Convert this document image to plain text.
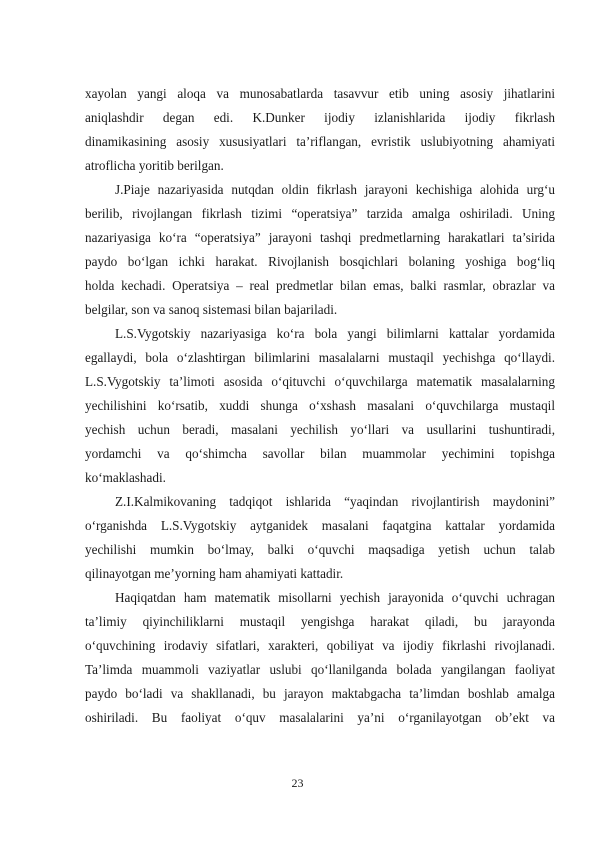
xayolan yangi aloqa va munosabatlarda tasavvur etib uning asosiy jihatlarini
aniqlashdir degan edi. K.Dunker ijodiy izlanishlarida ijodiy fikrlash
dinamikasining asosiy xususiyatlari ta’riflangan, evristik uslubiyotning ahamiyati
atroflicha yoritib berilgan.
J.Piaje nazariyasida nutqdan oldin fikrlash jarayoni kechishiga alohida urg‘u
berilib, rivojlangan fikrlash tizimi “operatsiya” tarzida amalga oshiriladi. Uning
nazariyasiga ko‘ra “operatsiya” jarayoni tashqi predmetlarning harakatlari ta’sirida
paydo bo‘lgan ichki harakat. Rivojlanish bosqichlari bolaning yoshiga bog‘liq
holda kechadi. Operatsiya – real predmetlar bilan emas, balki rasmlar, obrazlar va
belgilar, son va sanoq sistemasi bilan bajariladi.
L.S.Vygotskiy nazariyasiga ko‘ra bola yangi bilimlarni kattalar yordamida
egallaydi, bola o‘zlashtirgan bilimlarini masalalarni mustaqil yechishga qo‘llaydi.
L.S.Vygotskiy ta’limoti asosida o‘qituvchi o‘quvchilarga matematik masalalarning
yechilishini ko‘rsatib, xuddi shunga o‘xshash masalani o‘quvchilarga mustaqil
yechish uchun beradi, masalani yechilish yo‘llari va usullarini tushuntiradi,
yordamchi va qo‘shimcha savollar bilan muammolar yechimini topishga
ko‘maklashadi.
Z.I.Kalmikovaning tadqiqot ishlarida “yaqindan rivojlantirish maydonini”
o‘rganishda L.S.Vygotskiy aytganidek masalani faqatgina kattalar yordamida
yechilishi mumkin bo‘lmay, balki o‘quvchi maqsadiga yetish uchun talab
qilinayotgan me’yorning ham ahamiyati kattadir.
Haqiqatdan ham matematik misollarni yechish jarayonida o‘quvchi uchragan
ta’limiy qiyinchiliklarni mustaqil yengishga harakat qiladi, bu jarayonda
o‘quvchining irodaviy sifatlari, xarakteri, qobiliyat va ijodiy fikrlashi rivojlanadi.
Ta’limda muammoli vaziyatlar uslubi qo‘llanilganda bolada yangilangan faoliyat
paydo bo‘ladi va shakllanadi, bu jarayon maktabgacha ta’limdan boshlab amalga
oshiriladi. Bu faoliyat o‘quv masalalarini ya’ni o‘rganilayotgan ob’ekt va
23
